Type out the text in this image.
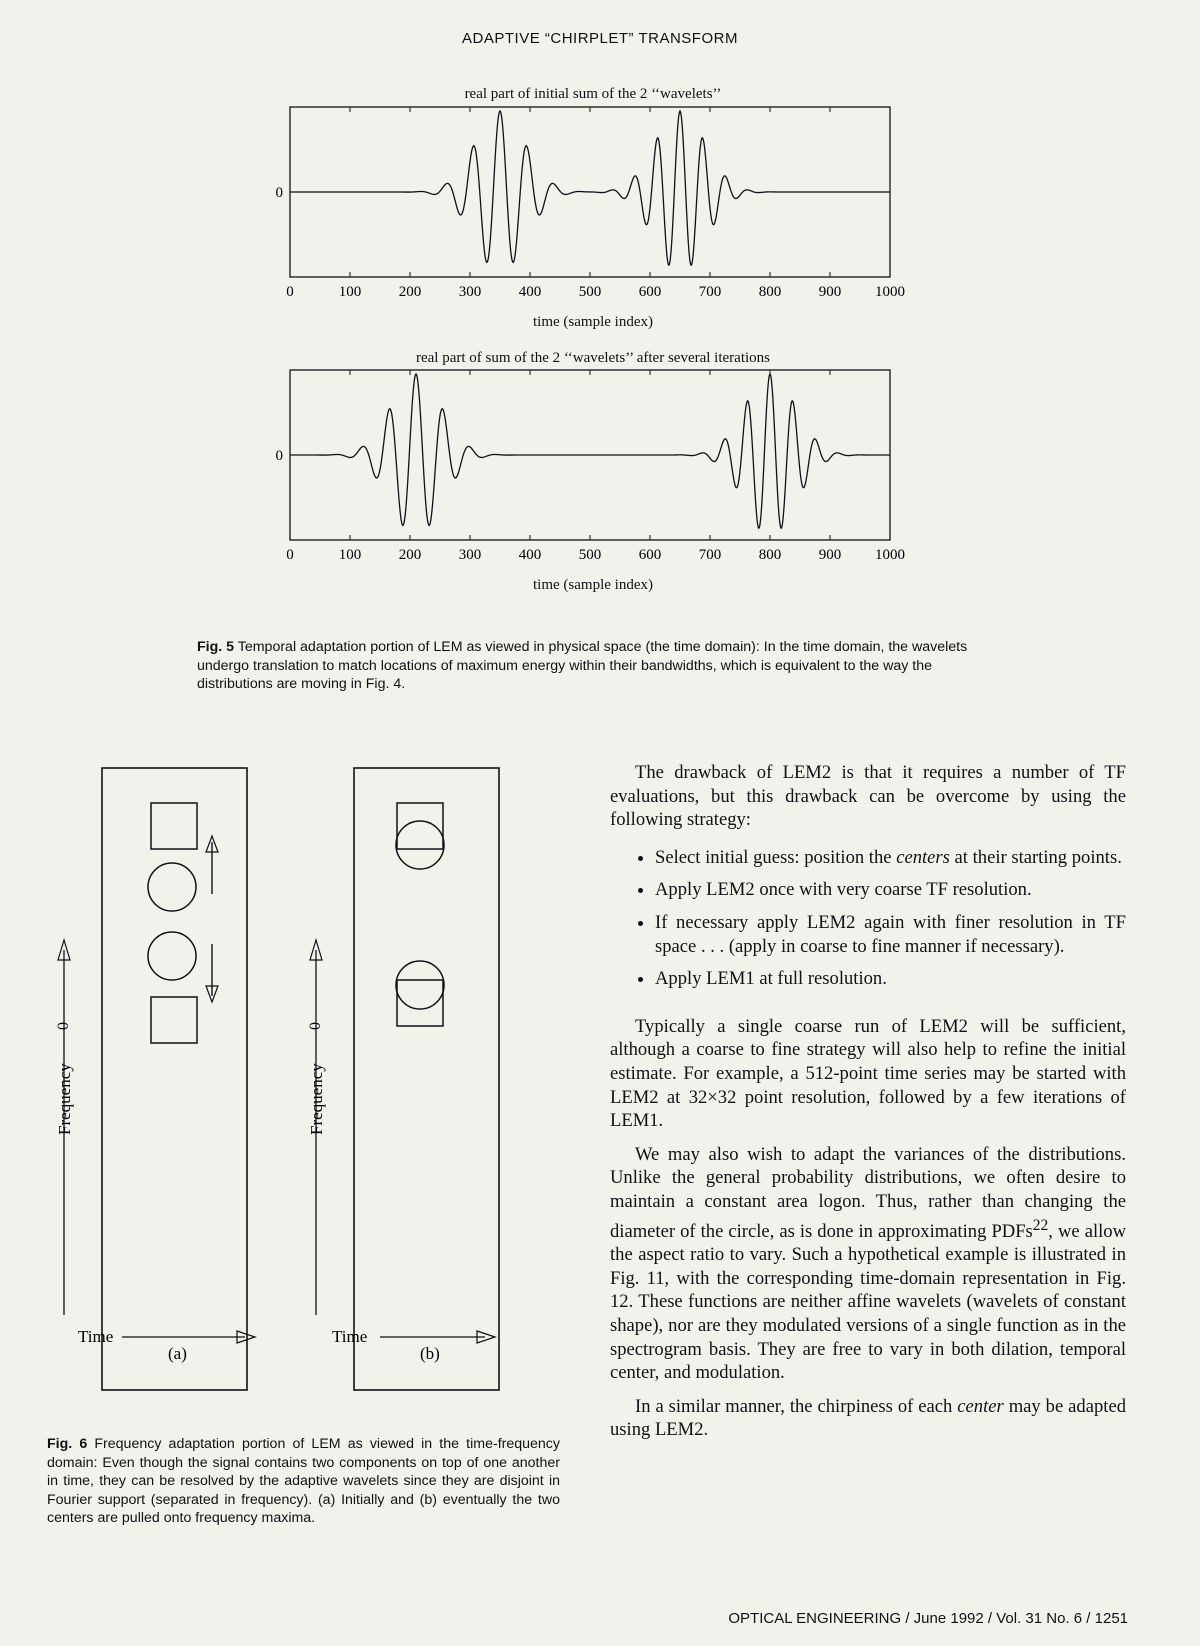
ADAPTIVE “CHIRPLET” TRANSFORM
real part of initial sum of the 2 ‘‘wavelets’’
0	100	200	300	400	500	600	700	800	900 1000
0
time (sample index)
real part of sum of the 2 ‘‘wavelets’’ after several iterations
0	100	200	300	400	500	600	700	800	900 1000
0
time (sample index)
Fig. 5 Temporal adaptation portion of LEM as viewed in physical space (the time domain): In the time domain, the wavelets undergo translation to match locations of maximum energy within their bandwidths, which is equivalent to the way the distributions are moving in Fig. 4.
0
Frequency
Time
(a)
0
Frequency
Time
(b)
Fig. 6 Frequency adaptation portion of LEM as viewed in the time-frequency domain: Even though the signal contains two components on top of one another in time, they can be resolved by the adaptive wavelets since they are disjoint in Fourier support (separated in frequency). (a) Initially and (b) eventually the two centers are pulled onto frequency maxima.

The drawback of LEM2 is that it requires a number of TF evaluations, but this drawback can be overcome by using the following strategy:

• Select initial guess: position the centers at their starting points.
• Apply LEM2 once with very coarse TF resolution.
• If necessary apply LEM2 again with finer resolution in TF space . . . (apply in coarse to fine manner if necessary).
• Apply LEM1 at full resolution.

Typically a single coarse run of LEM2 will be sufficient, although a coarse to fine strategy will also help to refine the initial estimate. For example, a 512-point time series may be started with LEM2 at 32×32 point resolution, followed by a few iterations of LEM1.

We may also wish to adapt the variances of the distributions. Unlike the general probability distributions, we often desire to maintain a constant area logon. Thus, rather than changing the diameter of the circle, as is done in approximating PDFs$^{22}$, we allow the aspect ratio to vary. Such a hypothetical example is illustrated in Fig. 11, with the corresponding time-domain representation in Fig. 12. These functions are neither affine wavelets (wavelets of constant shape), nor are they modulated versions of a single function as in the spectrogram basis. They are free to vary in both dilation, temporal center, and modulation.

In a similar manner, the chirpiness of each center may be adapted using LEM2.

OPTICAL ENGINEERING / June 1992 / Vol. 31 No. 6 / 1251
